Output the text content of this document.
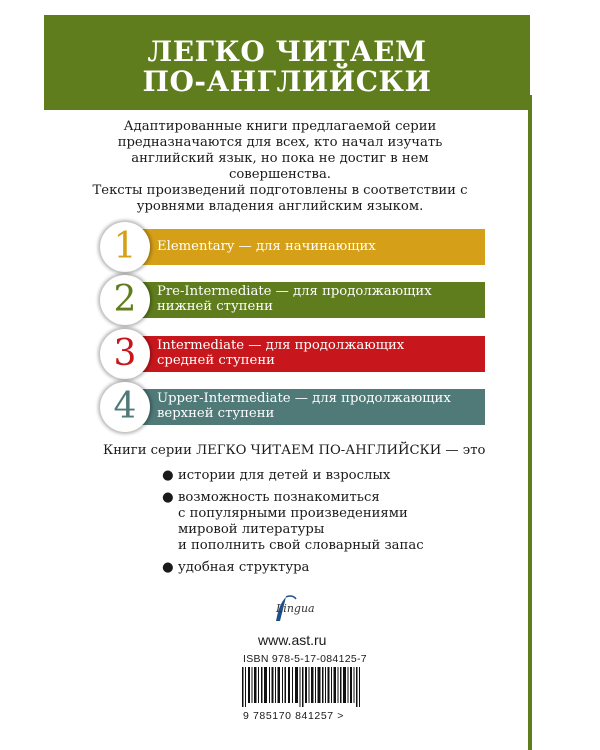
ЛЕГКО ЧИТАЕМ
ПО-АНГЛИЙСКИ
Адаптированные книги предлагаемой серии предназначаются для всех, кто начал изучать английский язык, но пока не достиг в нем совершенства.
Тексты произведений подготовлены в соответствии с уровнями владения английским языком.
Elementary — для начинающих
1
Pre-Intermediate — для продолжающих
нижней ступени
2
Intermediate — для продолжающих
средней ступени
3
Upper-Intermediate — для продолжающих
верхней ступени
4
Книги серии ЛЕГКО ЧИТАЕМ ПО-АНГЛИЙСКИ — это
● истории для детей и взрослых
● возможность познакомиться
с популярными произведениями
мировой литературы
и пополнить свой словарный запас
● удобная структура
Lingua
www.ast.ru
ISBN 978-5-17-084125-7
9 785170 841257 >
